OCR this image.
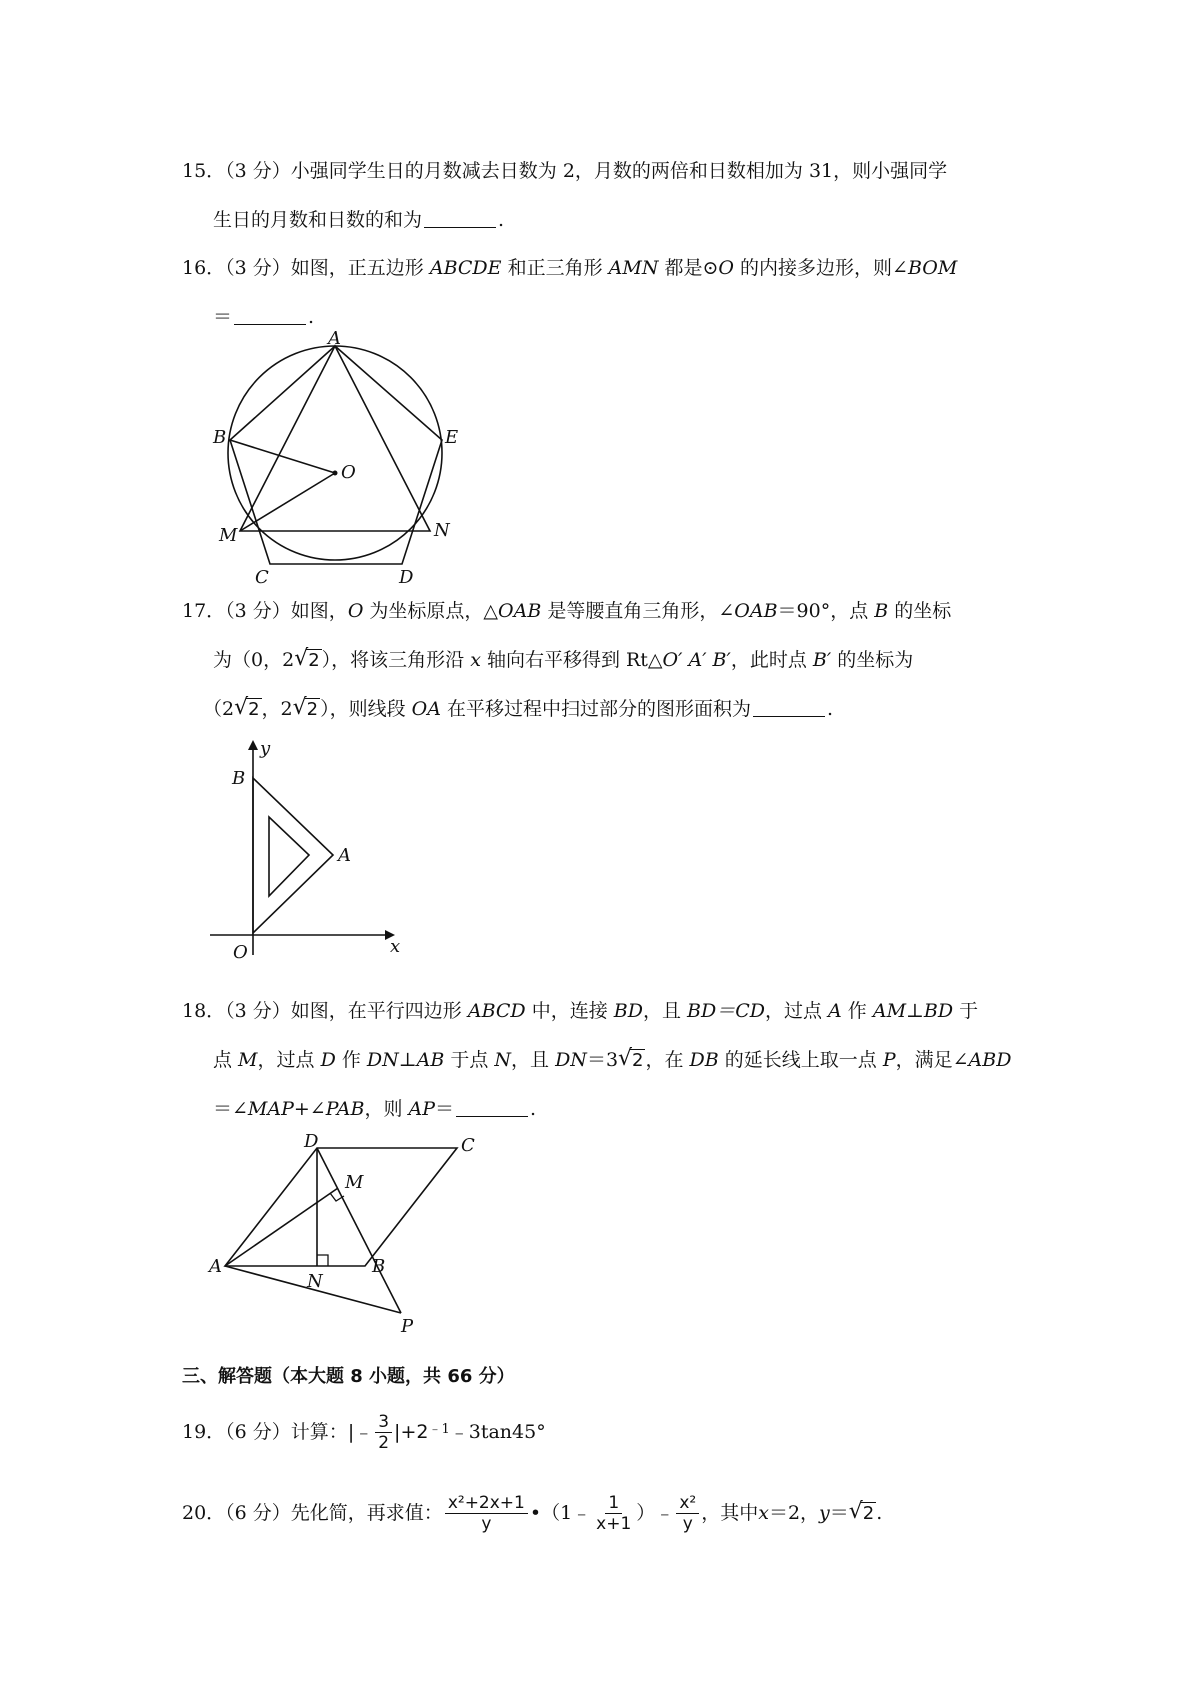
15．（3 分）小强同学生日的月数减去日数为 2，月数的两倍和日数相加为 31，则小强同学
生日的月数和日数的和为	.
16．（3 分）如图，正五边形 ABCDE 和正三角形 AMN 都是⊙O 的内接多边形，则∠BOM
＝	.
A
B	E
O
M	N
C	D
17．（3 分）如图，O 为坐标原点，△OAB 是等腰直角三角形，∠OAB＝90°，点 B 的坐标
为（0，2 √ 2 ），将该三角形沿 x 轴向右平移得到 Rt△O′ A′ B′，此时点 B′ 的坐标为
（2 √ 2 ，2 √ 2 ），则线段 OA 在平移过程中扫过部分的图形面积为	.
y
B
A
O	x
18．（3 分）如图，在平行四边形 ABCD 中，连接 BD，且 BD＝CD，过点 A 作 AM⊥BD 于
点 M，过点 D 作 DN⊥AB 于点 N，且 DN＝3 √ 2 ，在 DB 的延长线上取一点 P，满足∠ABD
＝∠MAP+∠PAB，则 AP＝	.
D	C
M
A
N
B
P
三、解答题（本大题 8 小题，共 66 分）
19．（6 分）计算： |﹣ $\frac{3}{2} |+2$ ﹣1 ﹣3tan45°
20．（6 分）先化简，再求值： $\frac{\text{x²+2x+1}}{y}$ •（1﹣ $\frac{1}{x+1}$ ）﹣ $\frac{\text{x²}}{y}$ ，其中 x ＝2， y ＝ √ 2 .
